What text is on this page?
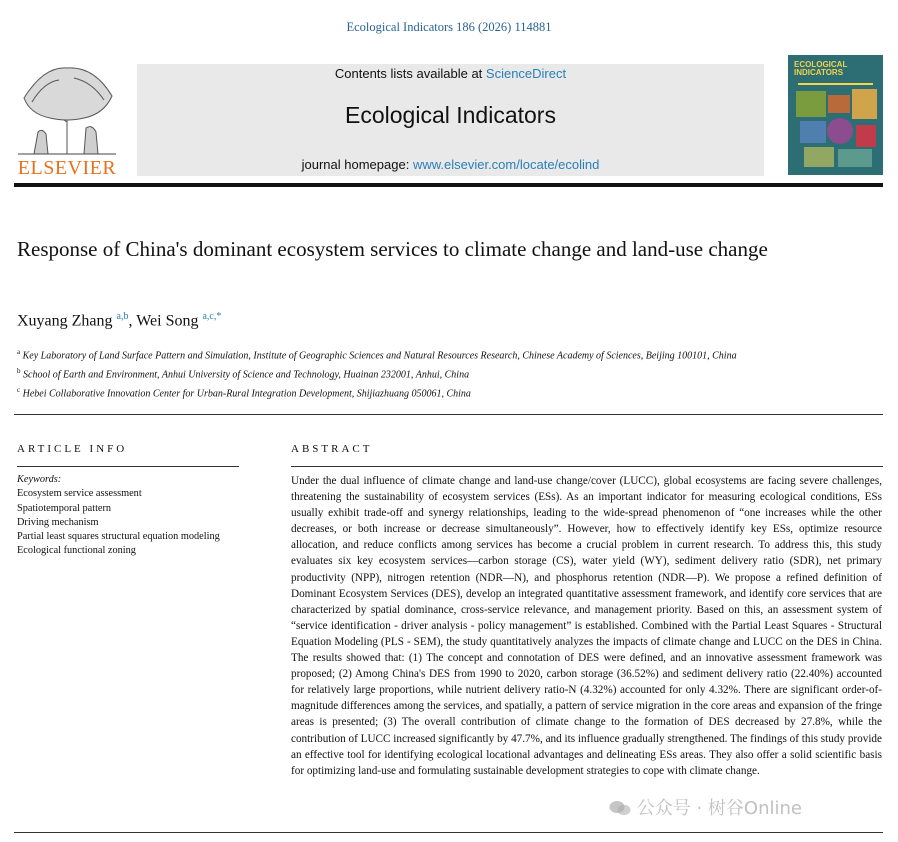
Ecological Indicators 186 (2026) 114881
ELSEVIER
Contents lists available at ScienceDirect
Ecological Indicators
journal homepage: www.elsevier.com/locate/ecolind
ECOLOGICAL
INDICATORS
Response of China's dominant ecosystem services to climate change and land-use change
Xuyang Zhang $^{a,b}$, Wei Song $^{a,c,*}$

$^a$ Key Laboratory of Land Surface Pattern and Simulation, Institute of Geographic Sciences and Natural Resources Research, Chinese Academy of Sciences, Beijing 100101, China

$^b$ School of Earth and Environment, Anhui University of Science and Technology, Huainan 232001, Anhui, China

$^c$ Hebei Collaborative Innovation Center for Urban-Rural Integration Development, Shijiazhuang 050061, China

ARTICLE INFO	ABSTRACT

Keywords:

Ecosystem service assessment

Spatiotemporal pattern

Driving mechanism

Partial least squares structural equation modeling

Ecological functional zoning

Under the dual influence of climate change and land-use change/cover (LUCC), global ecosystems are facing severe challenges, threatening the sustainability of ecosystem services (ESs). As an important indicator for measuring ecological conditions, ESs usually exhibit trade-off and synergy relationships, leading to the wide-spread phenomenon of “one increases while the other decreases, or both increase or decrease simultaneously”. However, how to effectively identify key ESs, optimize resource allocation, and reduce conflicts among services has become a crucial problem in current research. To address this, this study evaluates six key ecosystem services—carbon storage (CS), water yield (WY), sediment delivery ratio (SDR), net primary productivity (NPP), nitrogen retention (NDR—N), and phosphorus retention (NDR—P). We propose a refined definition of Dominant Ecosystem Services (DES), develop an integrated quantitative assessment framework, and identify core services that are characterized by spatial dominance, cross-service relevance, and management priority. Based on this, an assessment system of “service identification - driver analysis - policy management” is established. Combined with the Partial Least Squares - Structural Equation Modeling (PLS - SEM), the study quantitatively analyzes the impacts of climate change and LUCC on the DES in China. The results showed that: (1) The concept and connotation of DES were defined, and an innovative assessment framework was proposed; (2) Among China's DES from 1990 to 2020, carbon storage (36.52%) and sediment delivery ratio (22.40%) accounted for relatively large proportions, while nutrient delivery ratio-N (4.32%) accounted for only 4.32%. There are significant order-of-magnitude differences among the services, and spatially, a pattern of service migration in the core areas and expansion of the fringe areas is presented; (3) The overall contribution of climate change to the formation of DES decreased by 27.8%, while the contribution of LUCC increased significantly by 47.7%, and its influence gradually strengthened. The findings of this study provide an effective tool for identifying ecological locational advantages and delineating ESs areas. They also offer a solid scientific basis for optimizing land-use and formulating sustainable development strategies to cope with climate change.

公众号 · 树谷Online
